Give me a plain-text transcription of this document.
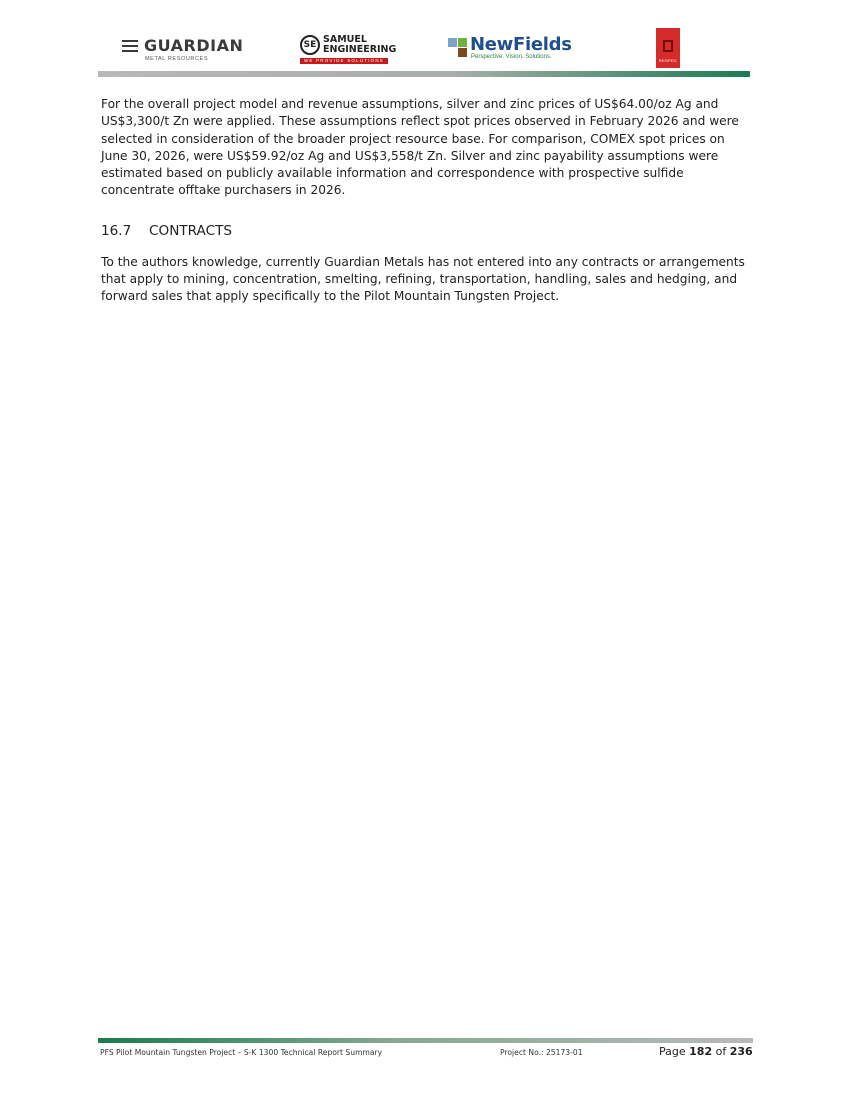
GUARDIAN
METAL RESOURCES
SE SAMUEL
ENGINEERING
WE PROVIDE SOLUTIONS
NewFields
Perspective. Vision. Solutions.
RESPEC

For the overall project model and revenue assumptions, silver and zinc prices of US$64.00/oz Ag and US$3,300/t Zn were applied. These assumptions reflect spot prices observed in February 2026 and were selected in consideration of the broader project resource base. For comparison, COMEX spot prices on June 30, 2026, were US$59.92/oz Ag and US$3,558/t Zn. Silver and zinc payability assumptions were estimated based on publicly available information and correspondence with prospective sulfide concentrate offtake purchasers in 2026.

16.7 CONTRACTS

To the authors knowledge, currently Guardian Metals has not entered into any contracts or arrangements that apply to mining, concentration, smelting, refining, transportation, handling, sales and hedging, and forward sales that apply specifically to the Pilot Mountain Tungsten Project.

PFS Pilot Mountain Tungsten Project – S-K 1300 Technical Report Summary	Project No.: 25173-01	Page 182 of 236
